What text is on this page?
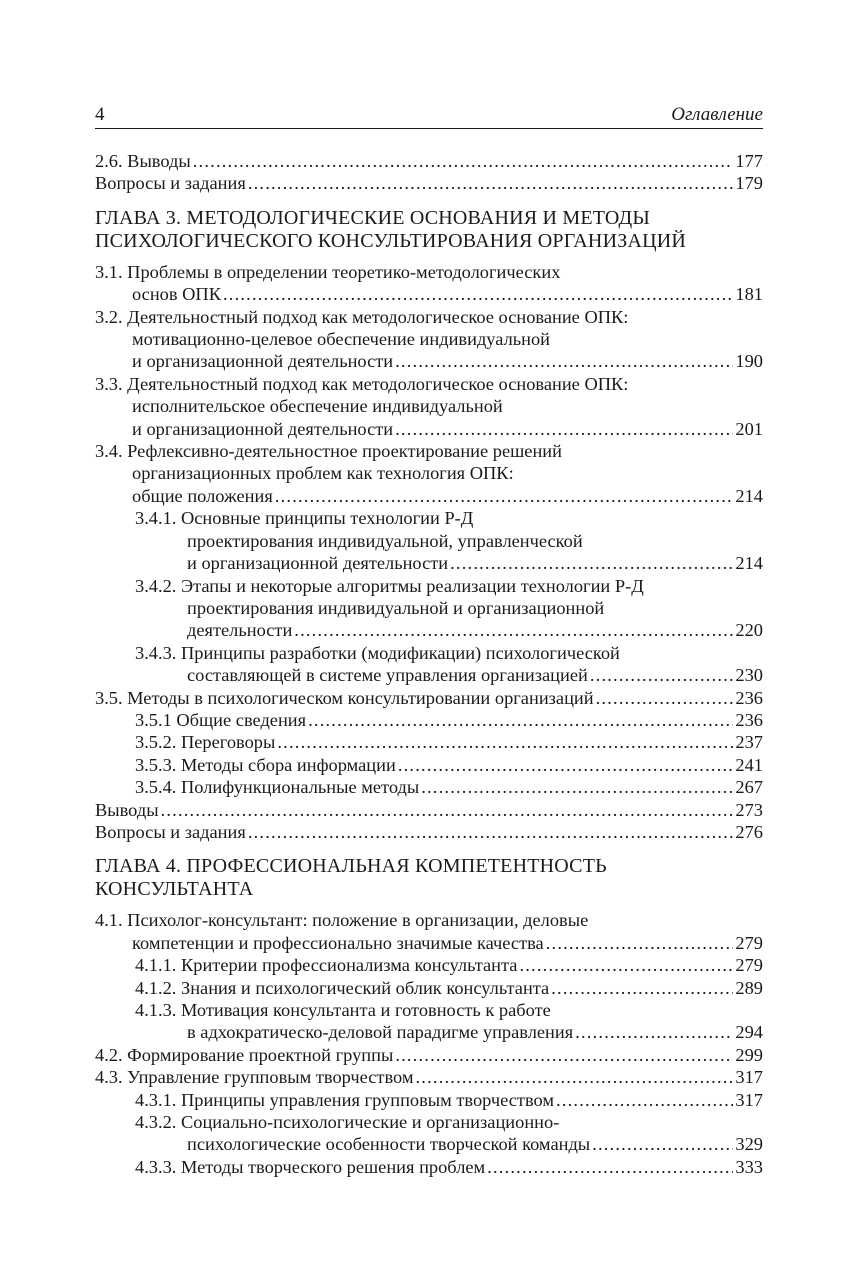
4	Оглавление
2.6. Выводы .....	177
Вопросы и задания .....	179
ГЛАВА 3. МЕТОДОЛОГИЧЕСКИЕ ОСНОВАНИЯ И МЕТОДЫ
ПСИХОЛОГИЧЕСКОГО КОНСУЛЬТИРОВАНИЯ ОРГАНИЗАЦИЙ
3.1. Проблемы в определении теоретико-методологических
основ ОПК .....	181
3.2. Деятельностный подход как методологическое основание ОПК:
мотивационно-целевое обеспечение индивидуальной
и организационной деятельности .....	190
3.3. Деятельностный подход как методологическое основание ОПК:
исполнительское обеспечение индивидуальной
и организационной деятельности .....	201
3.4. Рефлексивно-деятельностное проектирование решений
организационных проблем как технология ОПК:
общие положения .....	214
3.4.1. Основные принципы технологии Р-Д
проектирования индивидуальной, управленческой
и организационной деятельности .....	214
3.4.2. Этапы и некоторые алгоритмы реализации технологии Р-Д
проектирования индивидуальной и организационной
деятельности .....	220
3.4.3. Принципы разработки (модификации) психологической
составляющей в системе управления организацией .....	230
3.5. Методы в психологическом консультировании организаций .....	236
3.5.1 Общие сведения .....	236
3.5.2. Переговоры .....	237
3.5.3. Методы сбора информации .....	241
3.5.4. Полифункциональные методы .....	267
Выводы .....	273
Вопросы и задания .....	276
ГЛАВА 4. ПРОФЕССИОНАЛЬНАЯ КОМПЕТЕНТНОСТЬ
КОНСУЛЬТАНТА
4.1. Психолог-консультант: положение в организации, деловые
компетенции и профессионально значимые качества .....	279
4.1.1. Критерии профессионализма консультанта .....	279
4.1.2. Знания и психологический облик консультанта .....	289
4.1.3. Мотивация консультанта и готовность к работе
в адхократическо-деловой парадигме управления .....	294
4.2. Формирование проектной группы .....	299
4.3. Управление групповым творчеством .....	317
4.3.1. Принципы управления групповым творчеством .....	317
4.3.2. Социально-психологические и организационно-
психологические особенности творческой команды .....	329
4.3.3. Методы творческого решения проблем .....	333
